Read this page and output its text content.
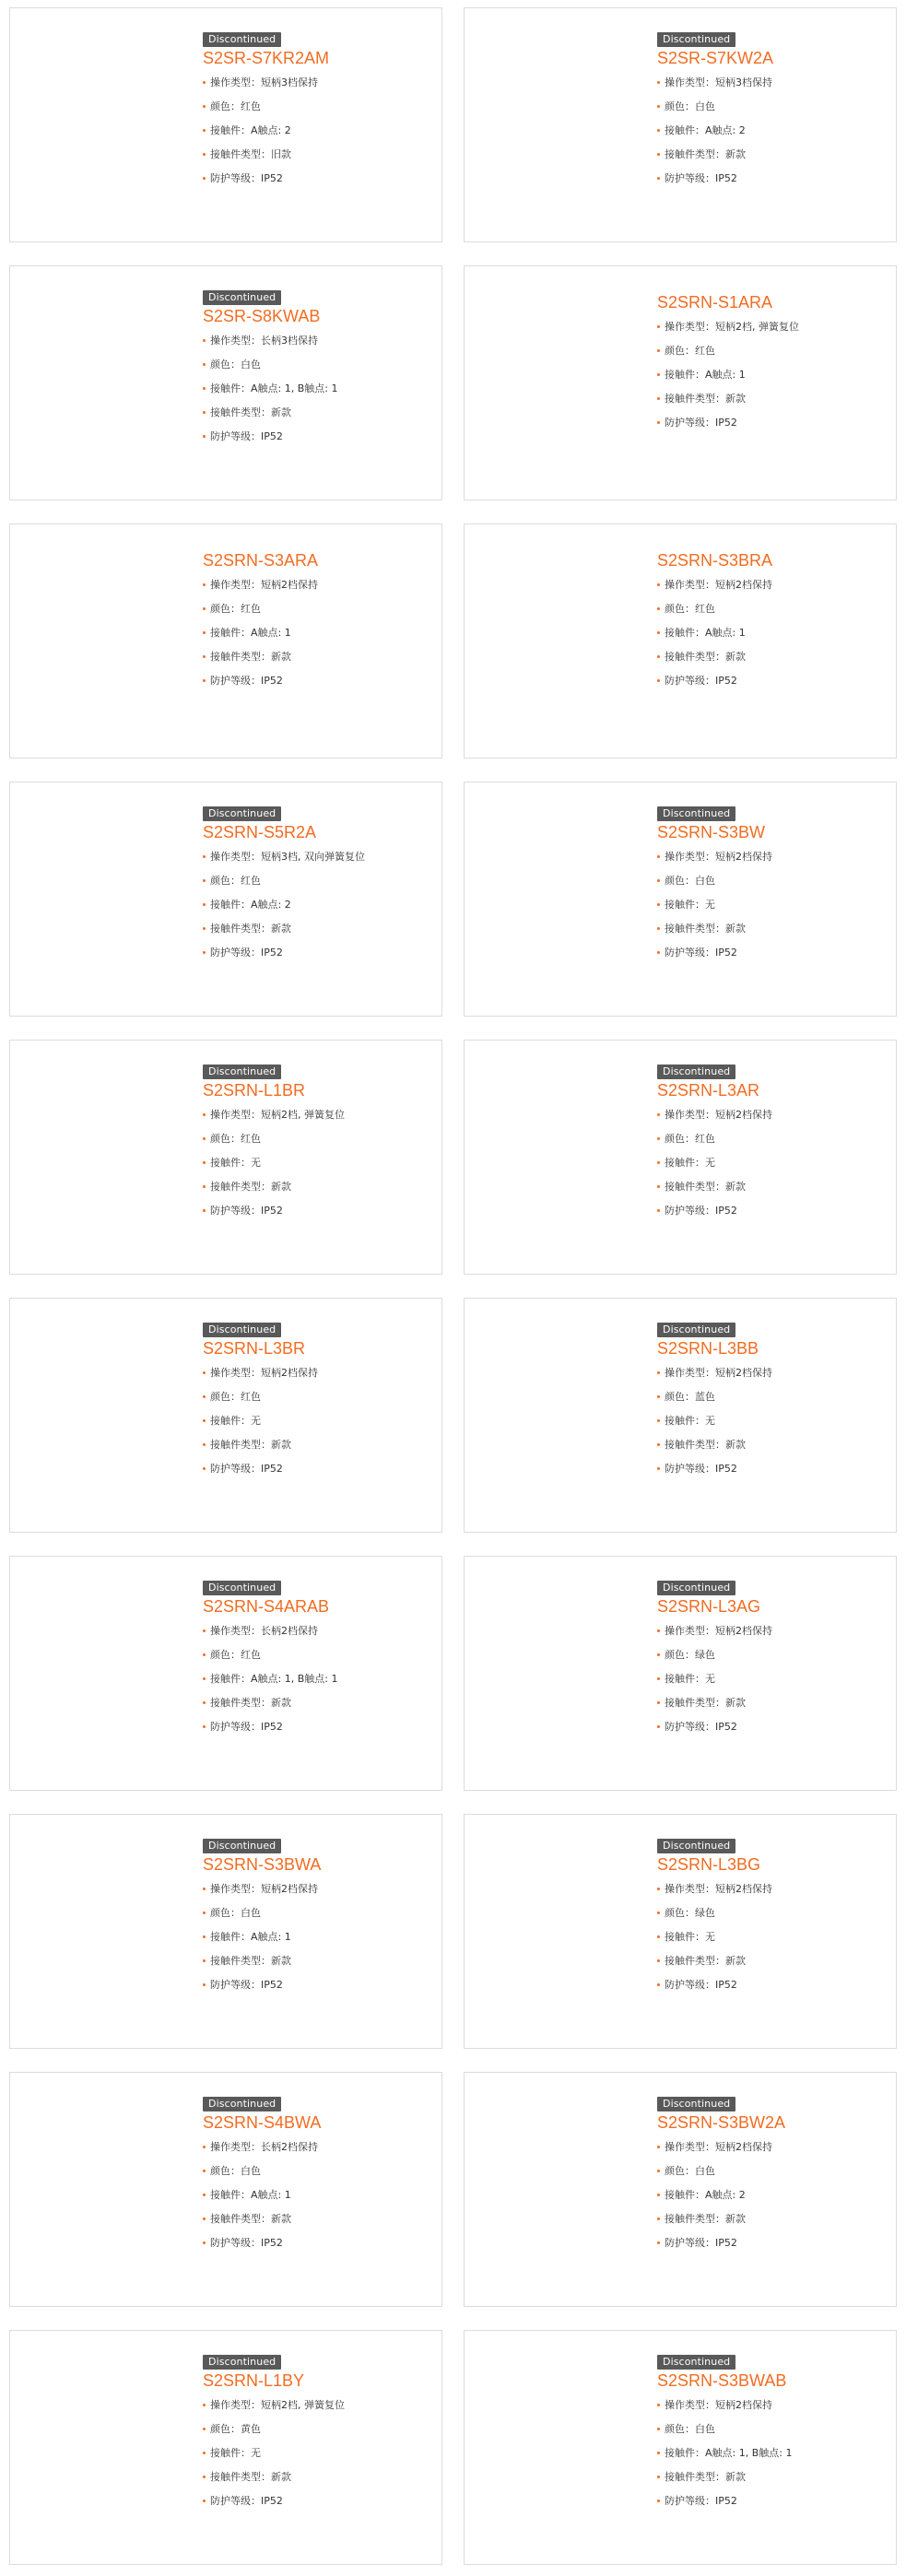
Discontinued
S2SR-S7KR2AM
操作类型：短柄3档保持
颜色：红色
接触件：A触点: 2
接触件类型：旧款
防护等级：IP52
Discontinued
S2SR-S7KW2A
操作类型：短柄3档保持
颜色：白色
接触件：A触点: 2
接触件类型：新款
防护等级：IP52
Discontinued
S2SR-S8KWAB
操作类型：长柄3档保持
颜色：白色
接触件：A触点: 1, B触点: 1
接触件类型：新款
防护等级：IP52
S2SRN-S1ARA
操作类型：短柄2档, 弹簧复位
颜色：红色
接触件：A触点: 1
接触件类型：新款
防护等级：IP52
S2SRN-S3ARA
操作类型：短柄2档保持
颜色：红色
接触件：A触点: 1
接触件类型：新款
防护等级：IP52
S2SRN-S3BRA
操作类型：短柄2档保持
颜色：红色
接触件：A触点: 1
接触件类型：新款
防护等级：IP52
Discontinued
S2SRN-S5R2A
操作类型：短柄3档, 双向弹簧复位
颜色：红色
接触件：A触点: 2
接触件类型：新款
防护等级：IP52
Discontinued
S2SRN-S3BW
操作类型：短柄2档保持
颜色：白色
接触件：无
接触件类型：新款
防护等级：IP52
Discontinued
S2SRN-L1BR
操作类型：短柄2档, 弹簧复位
颜色：红色
接触件：无
接触件类型：新款
防护等级：IP52
Discontinued
S2SRN-L3AR
操作类型：短柄2档保持
颜色：红色
接触件：无
接触件类型：新款
防护等级：IP52
Discontinued
S2SRN-L3BR
操作类型：短柄2档保持
颜色：红色
接触件：无
接触件类型：新款
防护等级：IP52
Discontinued
S2SRN-L3BB
操作类型：短柄2档保持
颜色：蓝色
接触件：无
接触件类型：新款
防护等级：IP52
Discontinued
S2SRN-S4ARAB
操作类型：长柄2档保持
颜色：红色
接触件：A触点: 1, B触点: 1
接触件类型：新款
防护等级：IP52
Discontinued
S2SRN-L3AG
操作类型：短柄2档保持
颜色：绿色
接触件：无
接触件类型：新款
防护等级：IP52
Discontinued
S2SRN-S3BWA
操作类型：短柄2档保持
颜色：白色
接触件：A触点: 1
接触件类型：新款
防护等级：IP52
Discontinued
S2SRN-L3BG
操作类型：短柄2档保持
颜色：绿色
接触件：无
接触件类型：新款
防护等级：IP52
Discontinued
S2SRN-S4BWA
操作类型：长柄2档保持
颜色：白色
接触件：A触点: 1
接触件类型：新款
防护等级：IP52
Discontinued
S2SRN-S3BW2A
操作类型：短柄2档保持
颜色：白色
接触件：A触点: 2
接触件类型：新款
防护等级：IP52
Discontinued
S2SRN-L1BY
操作类型：短柄2档, 弹簧复位
颜色：黄色
接触件：无
接触件类型：新款
防护等级：IP52
Discontinued
S2SRN-S3BWAB
操作类型：短柄2档保持
颜色：白色
接触件：A触点: 1, B触点: 1
接触件类型：新款
防护等级：IP52
